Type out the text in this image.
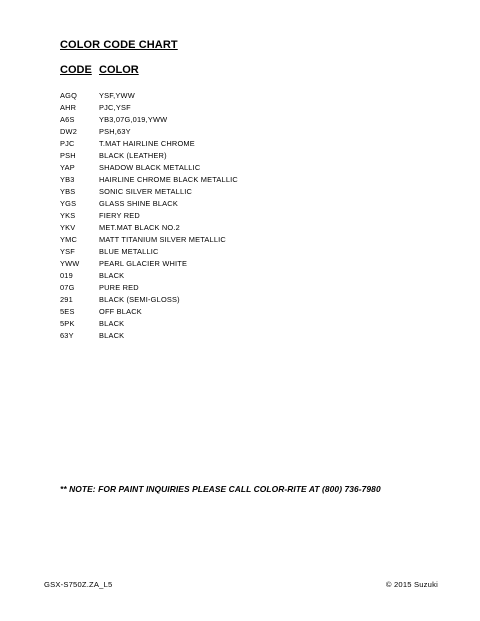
COLOR CODE CHART
CODE COLOR
AGQ	YSF,YWW
AHR	PJC,YSF
A6S	YB3,07G,019,YWW
DW2	PSH,63Y
PJC	T.MAT HAIRLINE CHROME
PSH	BLACK (LEATHER)
YAP	SHADOW BLACK METALLIC
YB3	HAIRLINE CHROME BLACK METALLIC
YBS	SONIC SILVER METALLIC
YGS	GLASS SHINE BLACK
YKS	FIERY RED
YKV	MET.MAT BLACK NO.2
YMC	MATT TITANIUM SILVER METALLIC
YSF	BLUE METALLIC
YWW	PEARL GLACIER WHITE
019	BLACK
07G	PURE RED
291	BLACK (SEMI-GLOSS)
5ES	OFF BLACK
5PK	BLACK
63Y	BLACK
** NOTE: FOR PAINT INQUIRIES PLEASE CALL COLOR-RITE AT (800) 736-7980
GSX-S750Z.ZA_L5	© 2015 Suzuki
